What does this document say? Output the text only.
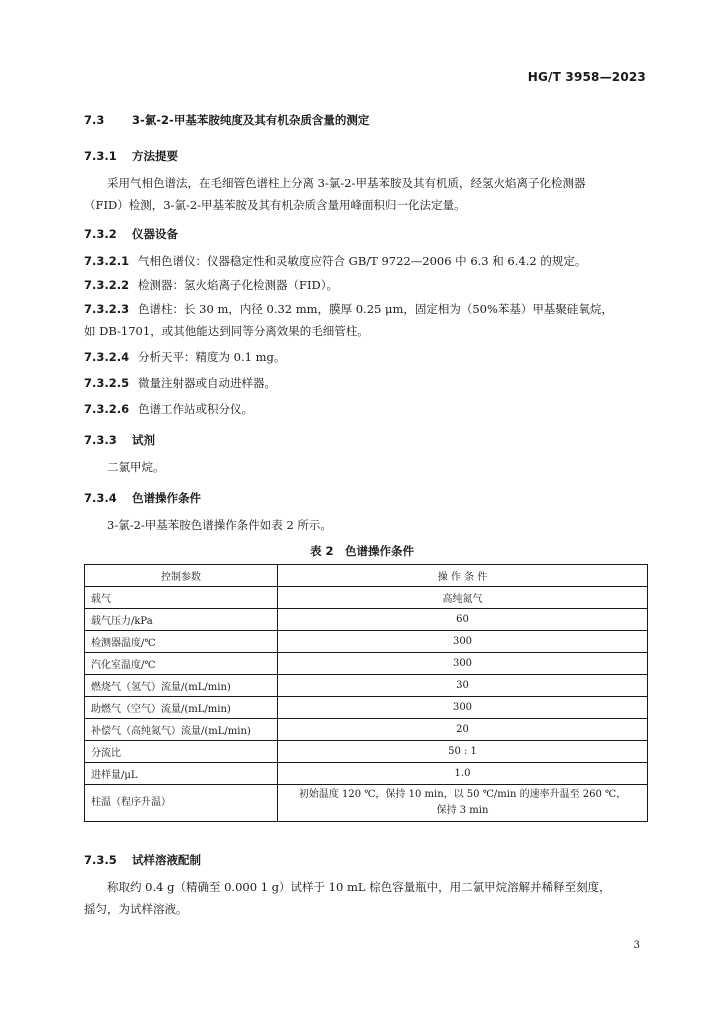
HG/T 3958—2023
7.3 3-氯-2-甲基苯胺纯度及其有机杂质含量的测定
7.3.1 方法提要
采用气相色谱法，在毛细管色谱柱上分离 3-氯-2-甲基苯胺及其有机质，经氢火焰离子化检测器
（FID）检测，3-氯-2-甲基苯胺及其有机杂质含量用峰面积归一化法定量。
7.3.2 仪器设备
7.3.2.1 气相色谱仪：仪器稳定性和灵敏度应符合 GB/T 9722—2006 中 6.3 和 6.4.2 的规定。
7.3.2.2 检测器：氢火焰离子化检测器（FID）。
7.3.2.3 色谱柱：长 30 m，内径 0.32 mm，膜厚 0.25 μm，固定相为（50%苯基）甲基聚硅氧烷，
如 DB-1701，或其他能达到同等分离效果的毛细管柱。
7.3.2.4 分析天平：精度为 0.1 mg。
7.3.2.5 微量注射器或自动进样器。
7.3.2.6 色谱工作站或积分仪。
7.3.3 试剂
二氯甲烷。
7.3.4 色谱操作条件
3-氯-2-甲基苯胺色谱操作条件如表 2 所示。
表 2　色谱操作条件
控制参数	操 作 条 件
载气	高纯氮气
载气压力/kPa	60
检测器温度/℃	300
汽化室温度/℃	300
燃烧气（氢气）流量/(mL/min)	30
助燃气（空气）流量/(mL/min)	300
补偿气（高纯氮气）流量/(mL/min)	20
分流比	50 : 1
进样量/μL	1.0
柱温（程序升温）	初始温度 120 ℃，保持 10 min，以 50 ℃/min 的速率升温至 260 ℃，
保持 3 min
7.3.5 试样溶液配制
称取约 0.4 g（精确至 0.000 1 g）试样于 10 mL 棕色容量瓶中，用二氯甲烷溶解并稀释至刻度，
摇匀，为试样溶液。
3
